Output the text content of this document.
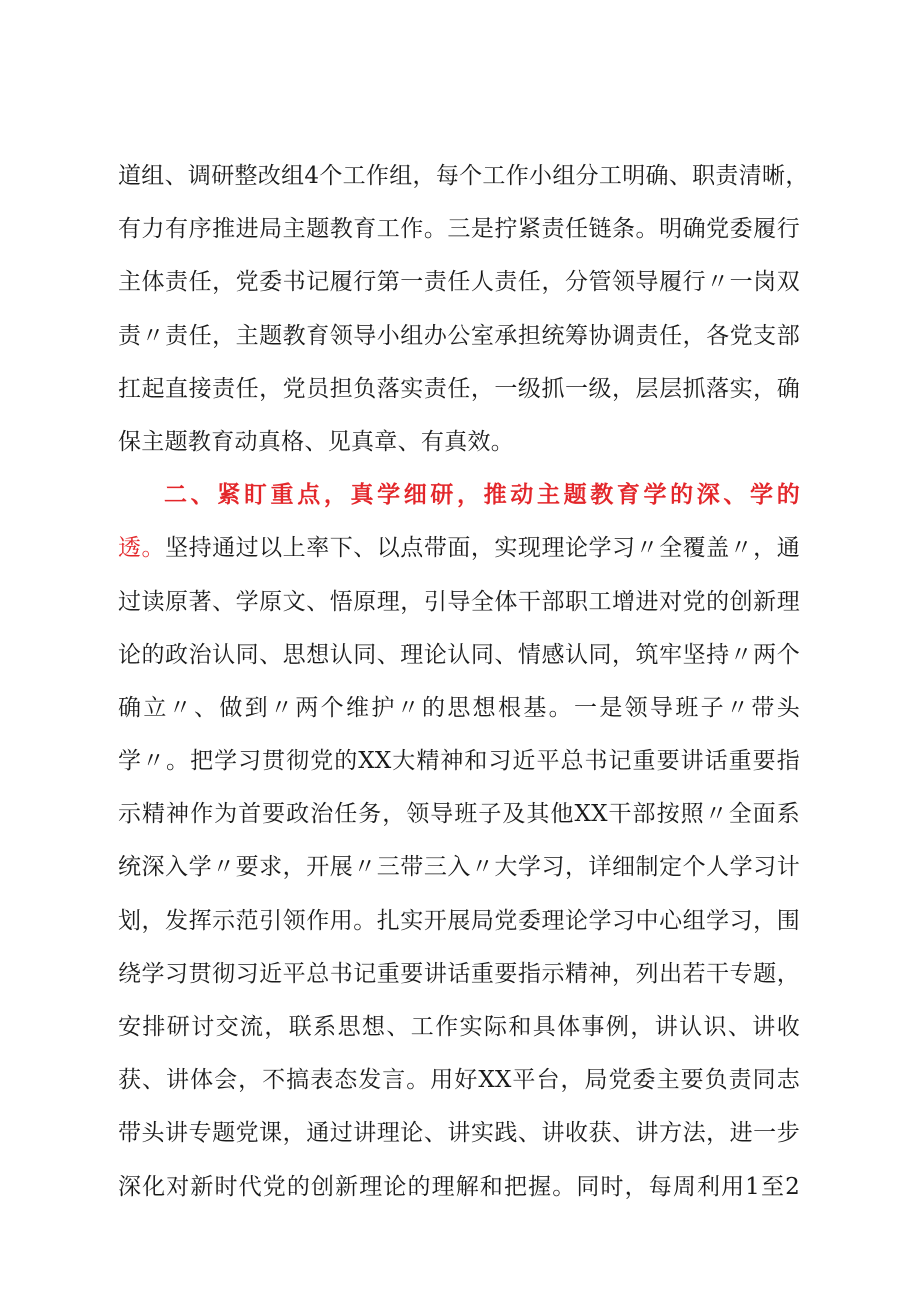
道组、调研整改组4个工作组，每个工作小组分工明确、职责清晰，
有力有序推进局主题教育工作。三是拧紧责任链条。明确党委履行
主体责任，党委书记履行第一责任人责任，分管领导履行〃一岗双
责〃责任，主题教育领导小组办公室承担统筹协调责任，各党支部
扛起直接责任，党员担负落实责任，一级抓一级，层层抓落实，确
保主题教育动真格、见真章、有真效。
二、紧盯重点，真学细研，推动主题教育学的深、学的
透。坚持通过以上率下、以点带面，实现理论学习〃全覆盖〃，通
过读原著、学原文、悟原理，引导全体干部职工增进对党的创新理
论的政治认同、思想认同、理论认同、情感认同，筑牢坚持〃两个
确立〃、做到〃两个维护〃的思想根基。一是领导班子〃带头
学〃。把学习贯彻党的XX大精神和习近平总书记重要讲话重要指
示精神作为首要政治任务，领导班子及其他XX干部按照〃全面系
统深入学〃要求，开展〃三带三入〃大学习，详细制定个人学习计
划，发挥示范引领作用。扎实开展局党委理论学习中心组学习，围
绕学习贯彻习近平总书记重要讲话重要指示精神，列出若干专题，
安排研讨交流，联系思想、工作实际和具体事例，讲认识、讲收
获、讲体会，不搞表态发言。用好XX平台，局党委主要负责同志
带头讲专题党课，通过讲理论、讲实践、讲收获、讲方法，进一步
深化对新时代党的创新理论的理解和把握。同时，每周利用1至2
